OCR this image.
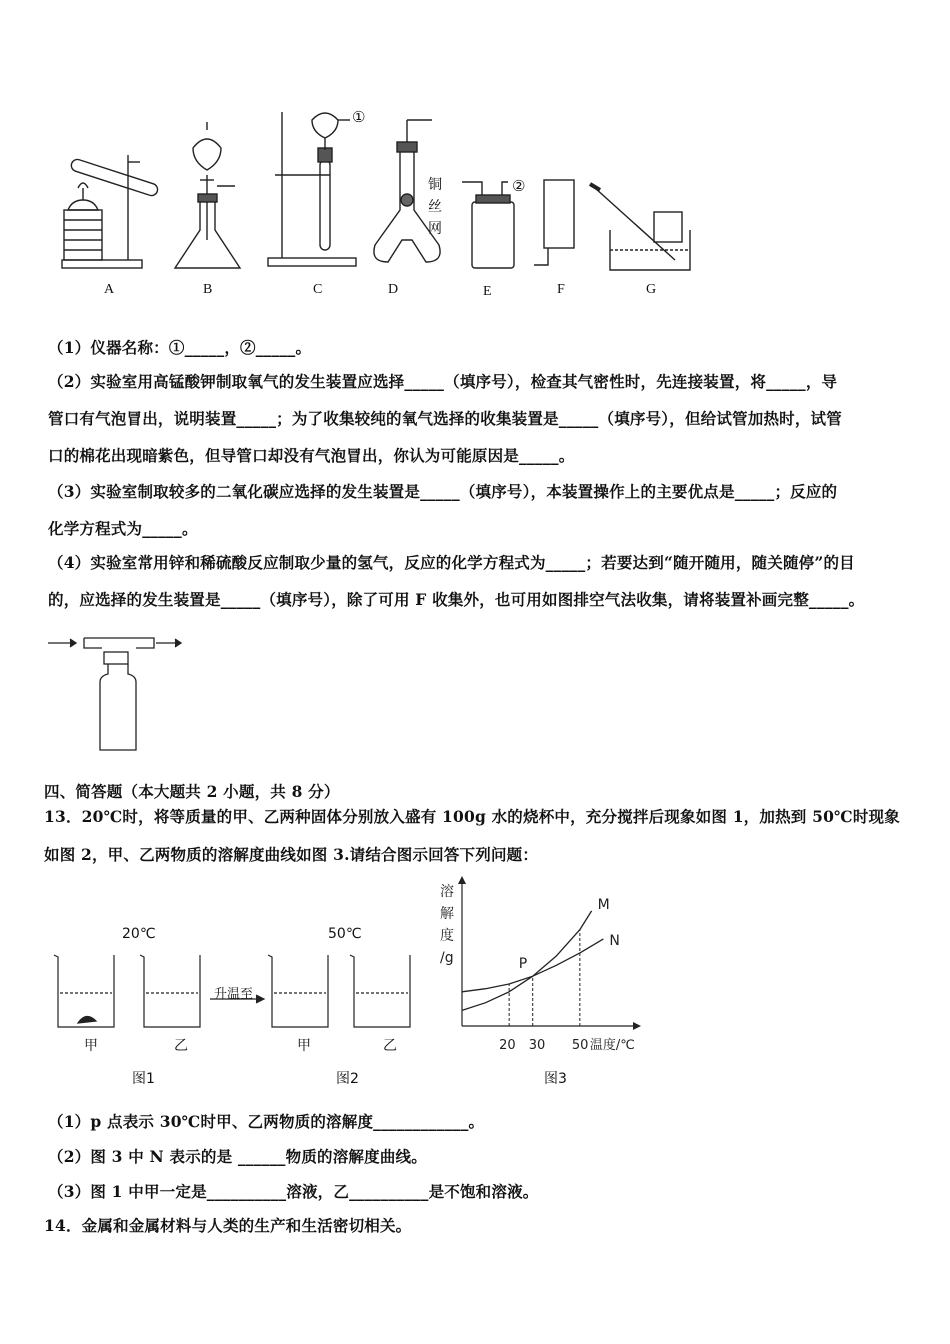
①
②
铜
丝
网
A	B	C	D	E	F	G
（1）仪器名称：①_____，②_____。
（2）实验室用高锰酸钾制取氧气的发生装置应选择_____（填序号），检查其气密性时，先连接装置，将_____，导
管口有气泡冒出，说明装置_____；为了收集较纯的氧气选择的收集装置是_____（填序号），但给试管加热时，试管
口的棉花出现暗紫色，但导管口却没有气泡冒出，你认为可能原因是_____。
（3）实验室制取较多的二氧化碳应选择的发生装置是_____（填序号），本装置操作上的主要优点是_____；反应的
化学方程式为_____。
（4）实验室常用锌和稀硫酸反应制取少量的氢气，反应的化学方程式为_____；若要达到“随开随用，随关随停”的目
的，应选择的发生装置是_____（填序号），除了可用 F 收集外，也可用如图排空气法收集，请将装置补画完整_____。
四、简答题（本大题共 2 小题，共 8 分）
13．20℃时，将等质量的甲、乙两种固体分别放入盛有 100g 水的烧杯中，充分搅拌后现象如图 1，加热到 50℃时现象
如图 2，甲、乙两物质的溶解度曲线如图 3.请结合图示回答下列问题：
20℃	50℃
升温至
甲	乙	甲	乙
图1	图2	图3
溶
解
度
/g
20 30 50 温度/℃
M
N
P
（1）p 点表示 30℃时甲、乙两物质的溶解度____________。
（2）图 3 中 N 表示的是 ______物质的溶解度曲线。
（3）图 1 中甲一定是__________溶液，乙__________是不饱和溶液。
14．金属和金属材料与人类的生产和生活密切相关。
